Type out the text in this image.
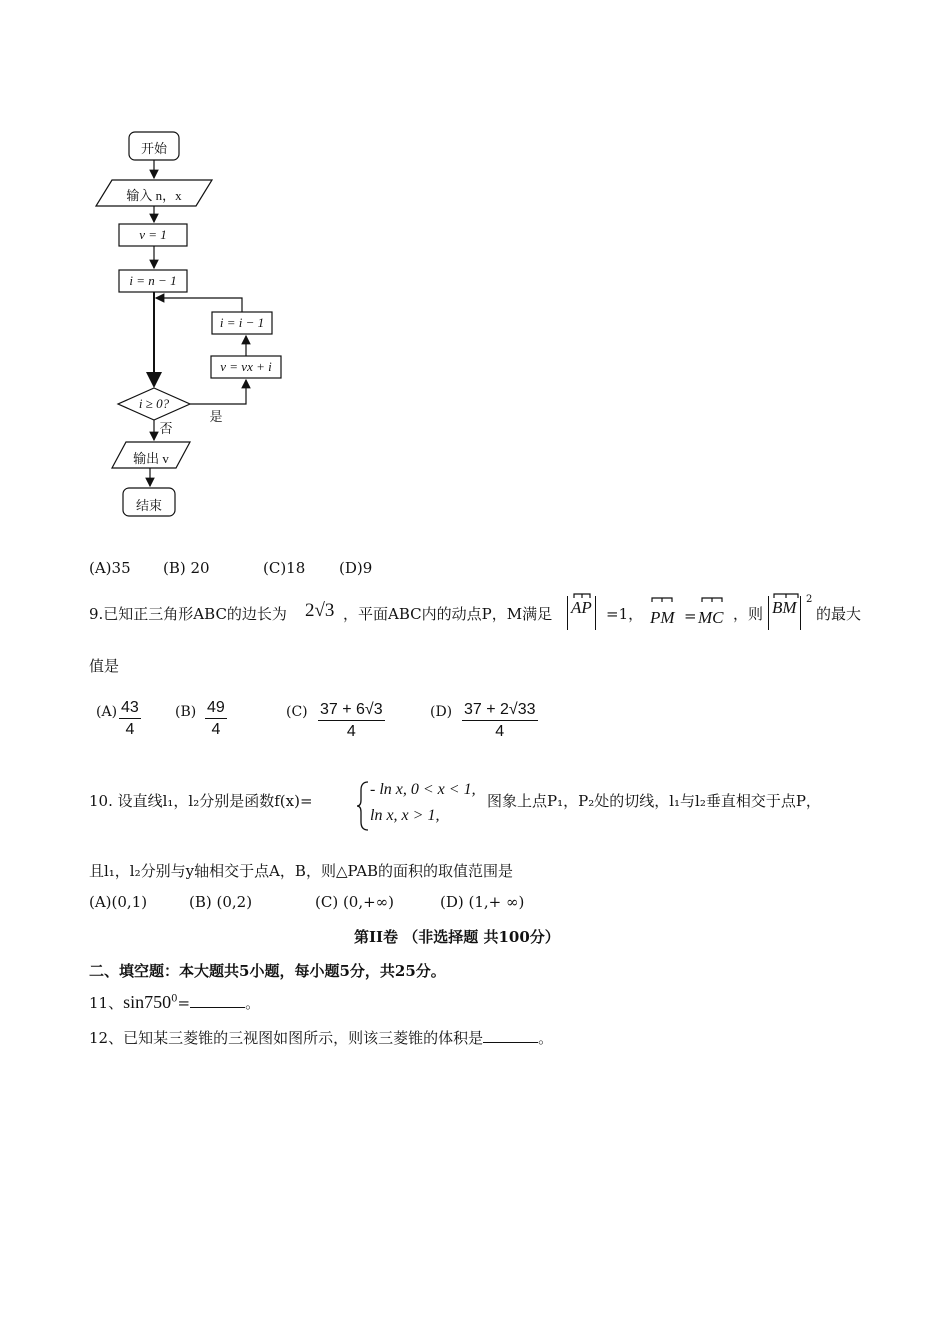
开始
输入 n，x
v = 1
i = n − 1
i = i − 1
v = vx + i
i ≥ 0?
是
否
输出 v
结束
(A)35 (B) 20	(C)18 (D)9
9.已知正三角形ABC的边长为 2√3 ，平面ABC内的动点P，M满足 AP =1， PM = MC ，则 BM 2
的最大
值是
$(A) \frac{43}{4} (B) \frac{49}{4}$	$(C) \frac{37 + 6√3}{4}$	$(D) \frac{37 + 2√33}{4}$
10. 设直线l₁，l₂分别是函数f(x)=
- ln x, 0 < x < 1,
ln x, x > 1,
图象上点P₁，P₂处的切线，l₁与l₂垂直相交于点P，
且l₁，l₂分别与y轴相交于点A，B，则△PAB的面积的取值范围是
(A)(0,1)	(B) (0,2)	(C) (0,+∞)	(D) (1,+ ∞)
第II卷 （非选择题 共100分）
二、填空题：本大题共5小题，每小题5分，共25分。
11、$\sin 750^0=$	。
12、已知某三菱锥的三视图如图所示，则该三菱锥的体积是	。
